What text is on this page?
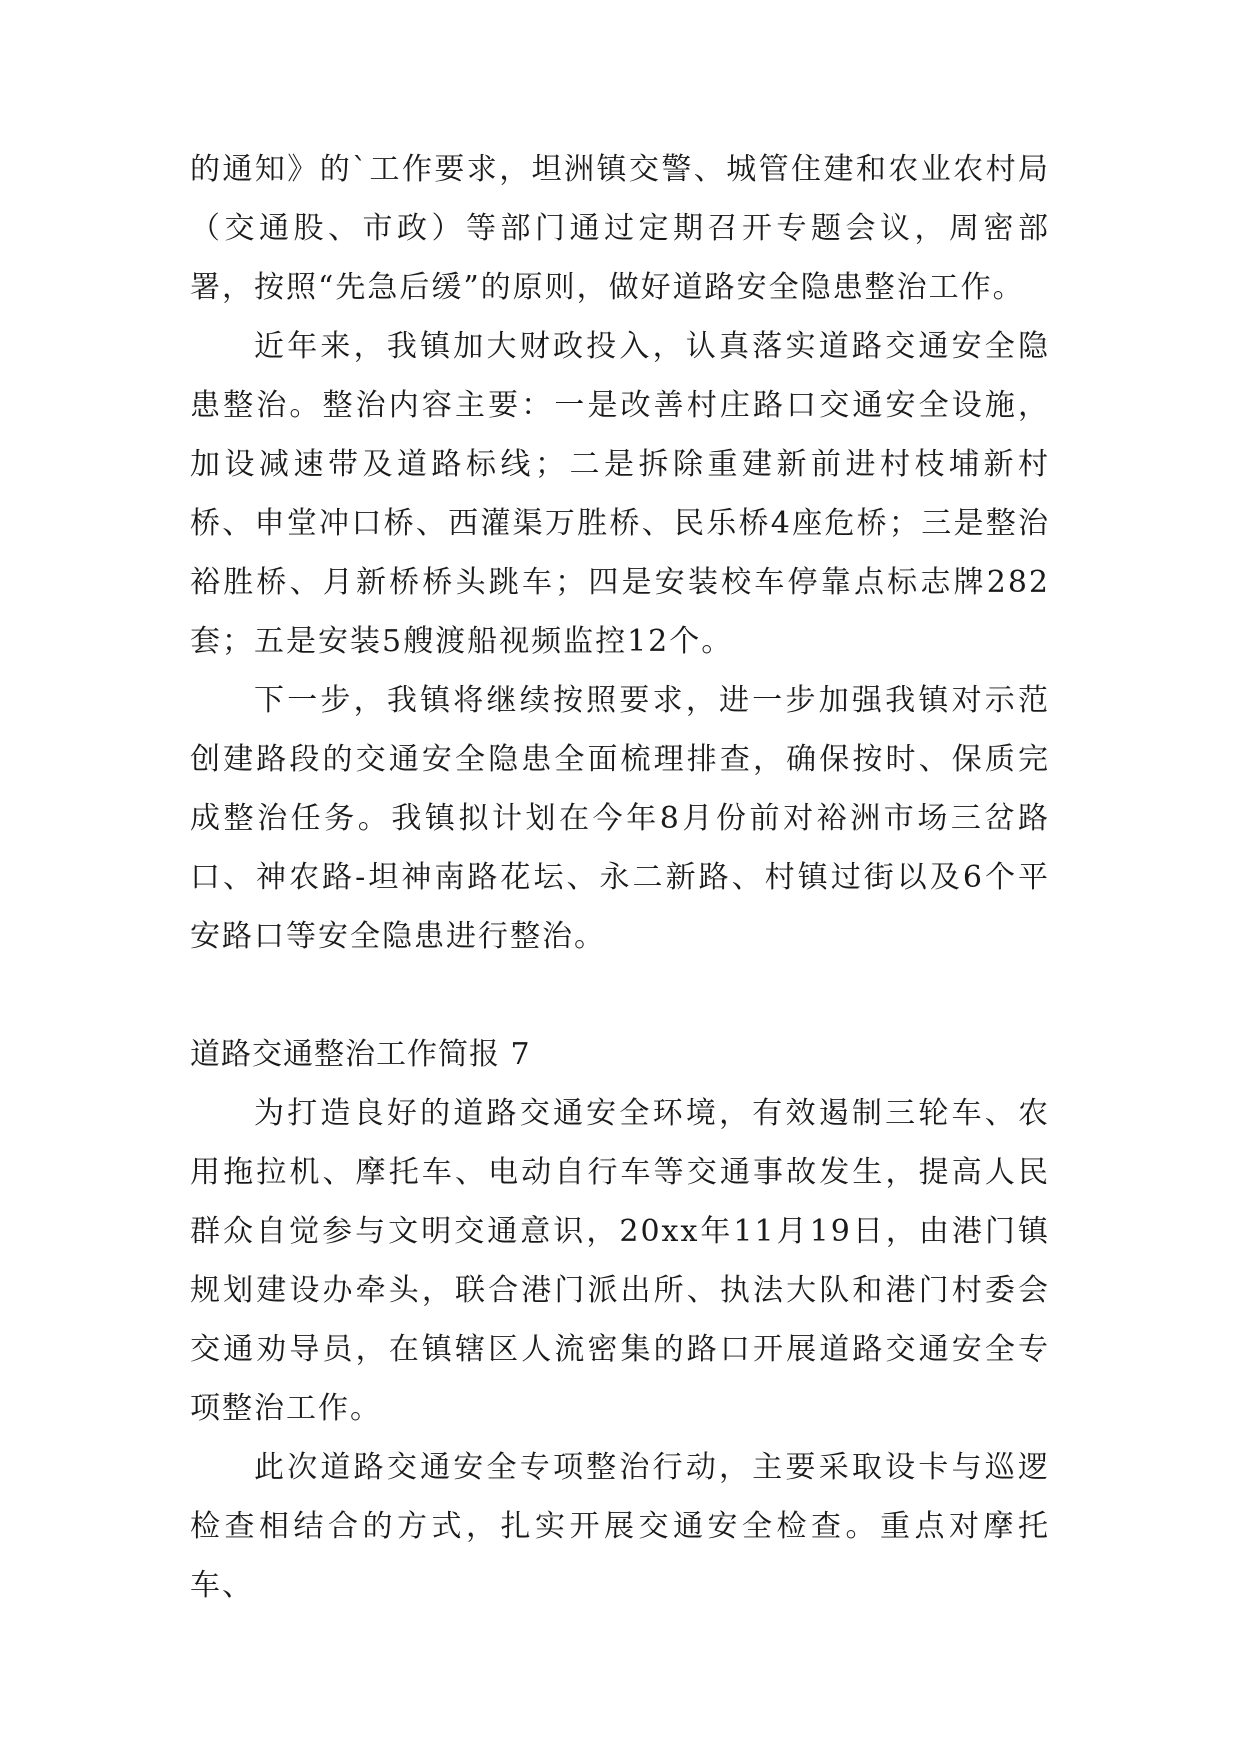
的通知》的`工作要求，坦洲镇交警、城管住建和农业农村局（交通股、市政）等部门通过定期召开专题会议，周密部署，按照“先急后缓”的原则，做好道路安全隐患整治工作。

近年来，我镇加大财政投入，认真落实道路交通安全隐患整治。整治内容主要：一是改善村庄路口交通安全设施，加设减速带及道路标线；二是拆除重建新前进村枝埔新村桥、申堂冲口桥、西灌渠万胜桥、民乐桥4座危桥；三是整治裕胜桥、月新桥桥头跳车；四是安装校车停靠点标志牌282套；五是安装5艘渡船视频监控12个。

下一步，我镇将继续按照要求，进一步加强我镇对示范创建路段的交通安全隐患全面梳理排查，确保按时、保质完成整治任务。我镇拟计划在今年8月份前对裕洲市场三岔路口、神农路-坦神南路花坛、永二新路、村镇过街以及6个平安路口等安全隐患进行整治。

道路交通整治工作简报 7

为打造良好的道路交通安全环境，有效遏制三轮车、农用拖拉机、摩托车、电动自行车等交通事故发生，提高人民群众自觉参与文明交通意识，20xx年11月19日，由港门镇规划建设办牵头，联合港门派出所、执法大队和港门村委会交通劝导员，在镇辖区人流密集的路口开展道路交通安全专项整治工作。

此次道路交通安全专项整治行动，主要采取设卡与巡逻检查相结合的方式，扎实开展交通安全检查。重点对摩托车、
